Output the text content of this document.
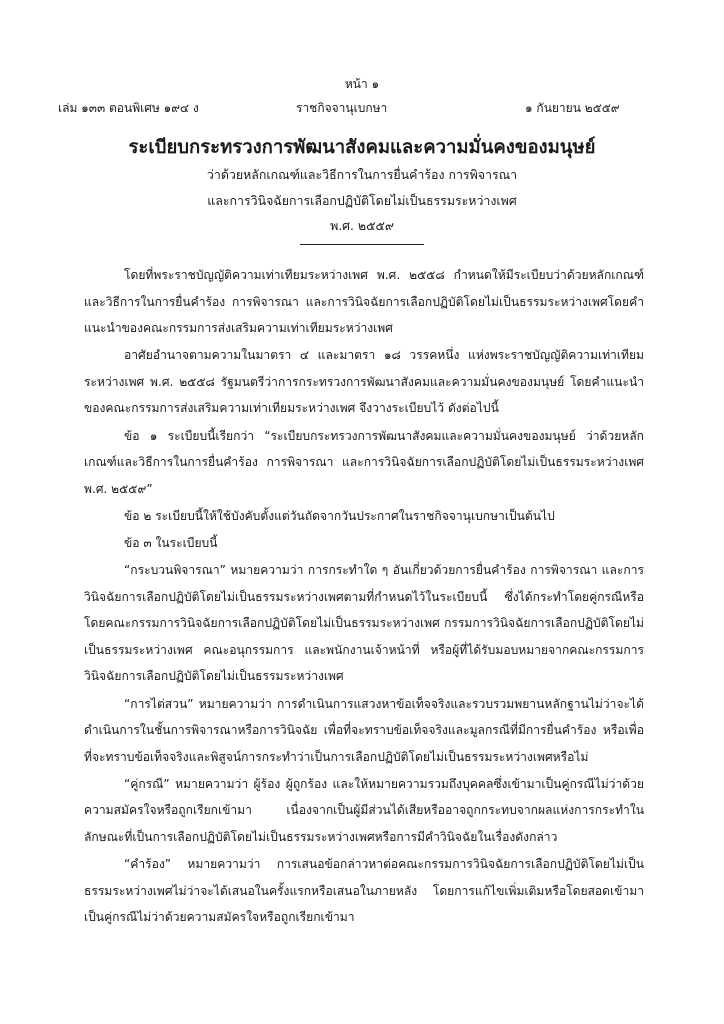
หน้า ๑
เล่ม ๑๓๓ ตอนพิเศษ ๑๙๔ ง	ราชกิจจานุเบกษา	๑ กันยายน ๒๕๕๙
ระเบียบกระทรวงการพัฒนาสังคมและความมั่นคงของมนุษย์
ว่าด้วยหลักเกณฑ์และวิธีการในการยื่นคำร้อง การพิจารณา
และการวินิจฉัยการเลือกปฏิบัติโดยไม่เป็นธรรมระหว่างเพศ
พ.ศ. ๒๕๕๙

โดยที่พระราชบัญญัติความเท่าเทียมระหว่างเพศ พ.ศ. ๒๕๕๘ กำหนดให้มีระเบียบว่าด้วยหลักเกณฑ์และวิธีการในการยื่นคำร้อง การพิจารณา และการวินิจฉัยการเลือกปฏิบัติโดยไม่เป็นธรรมระหว่างเพศโดยคำแนะนำของคณะกรรมการส่งเสริมความเท่าเทียมระหว่างเพศ

อาศัยอำนาจตามความในมาตรา ๔ และมาตรา ๑๘ วรรคหนึ่ง แห่งพระราชบัญญัติความเท่าเทียมระหว่างเพศ พ.ศ. ๒๕๕๘ รัฐมนตรีว่าการกระทรวงการพัฒนาสังคมและความมั่นคงของมนุษย์ โดยคำแนะนำของคณะกรรมการส่งเสริมความเท่าเทียมระหว่างเพศ จึงวางระเบียบไว้ ดังต่อไปนี้

ข้อ ๑ ระเบียบนี้เรียกว่า “ระเบียบกระทรวงการพัฒนาสังคมและความมั่นคงของมนุษย์ ว่าด้วยหลักเกณฑ์และวิธีการในการยื่นคำร้อง การพิจารณา และการวินิจฉัยการเลือกปฏิบัติโดยไม่เป็นธรรมระหว่างเพศ พ.ศ. ๒๕๕๙”

ข้อ ๒ ระเบียบนี้ให้ใช้บังคับตั้งแต่วันถัดจากวันประกาศในราชกิจจานุเบกษาเป็นต้นไป

ข้อ ๓ ในระเบียบนี้

“กระบวนพิจารณา” หมายความว่า การกระทำใด ๆ อันเกี่ยวด้วยการยื่นคำร้อง การพิจารณา และการวินิจฉัยการเลือกปฏิบัติโดยไม่เป็นธรรมระหว่างเพศตามที่กำหนดไว้ในระเบียบนี้ ซึ่งได้กระทำโดยคู่กรณีหรือโดยคณะกรรมการวินิจฉัยการเลือกปฏิบัติโดยไม่เป็นธรรมระหว่างเพศ กรรมการวินิจฉัยการเลือกปฏิบัติโดยไม่เป็นธรรมระหว่างเพศ คณะอนุกรรมการ และพนักงานเจ้าหน้าที่ หรือผู้ที่ได้รับมอบหมายจากคณะกรรมการวินิจฉัยการเลือกปฏิบัติโดยไม่เป็นธรรมระหว่างเพศ

“การไต่สวน” หมายความว่า การดำเนินการแสวงหาข้อเท็จจริงและรวบรวมพยานหลักฐานไม่ว่าจะได้ดำเนินการในชั้นการพิจารณาหรือการวินิจฉัย เพื่อที่จะทราบข้อเท็จจริงและมูลกรณีที่มีการยื่นคำร้อง หรือเพื่อที่จะทราบข้อเท็จจริงและพิสูจน์การกระทำว่าเป็นการเลือกปฏิบัติโดยไม่เป็นธรรมระหว่างเพศหรือไม่

“คู่กรณี” หมายความว่า ผู้ร้อง ผู้ถูกร้อง และให้หมายความรวมถึงบุคคลซึ่งเข้ามาเป็นคู่กรณีไม่ว่าด้วยความสมัครใจหรือถูกเรียกเข้ามา เนื่องจากเป็นผู้มีส่วนได้เสียหรืออาจถูกกระทบจากผลแห่งการกระทำในลักษณะที่เป็นการเลือกปฏิบัติโดยไม่เป็นธรรมระหว่างเพศหรือการมีคำวินิจฉัยในเรื่องดังกล่าว

“คำร้อง” หมายความว่า การเสนอข้อกล่าวหาต่อคณะกรรมการวินิจฉัยการเลือกปฏิบัติโดยไม่เป็นธรรมระหว่างเพศไม่ว่าจะได้เสนอในครั้งแรกหรือเสนอในภายหลัง โดยการแก้ไขเพิ่มเติมหรือโดยสอดเข้ามาเป็นคู่กรณีไม่ว่าด้วยความสมัครใจหรือถูกเรียกเข้ามา
